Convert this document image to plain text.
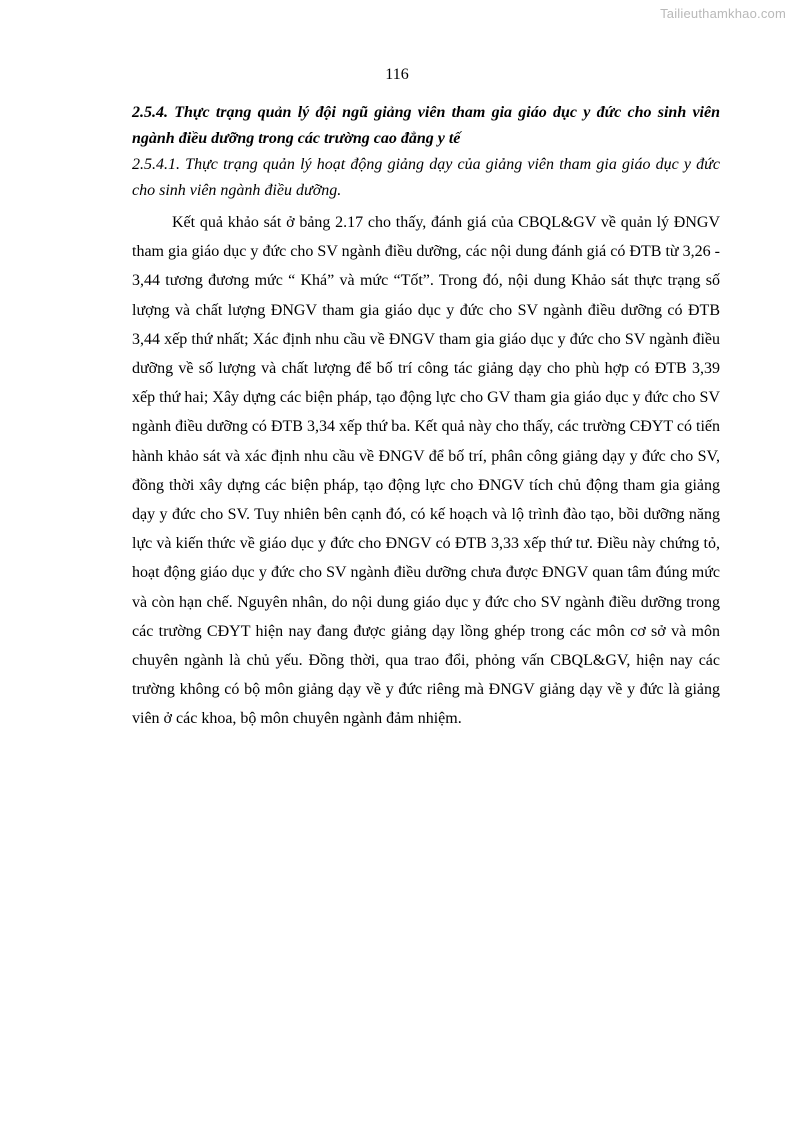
Tailieuthamkhao.com
116

2.5.4. Thực trạng quản lý đội ngũ giảng viên tham gia giáo dục y đức cho sinh viên ngành điều dưỡng trong các trường cao đẳng y tế

2.5.4.1. Thực trạng quản lý hoạt động giảng dạy của giảng viên tham gia giáo dục y đức cho sinh viên ngành điều dưỡng.

Kết quả khảo sát ở bảng 2.17 cho thấy, đánh giá của CBQL&GV về quản lý ĐNGV tham gia giáo dục y đức cho SV ngành điều dưỡng, các nội dung đánh giá có ĐTB từ 3,26 - 3,44 tương đương mức “ Khá” và mức “Tốt”. Trong đó, nội dung Khảo sát thực trạng số lượng và chất lượng ĐNGV tham gia giáo dục y đức cho SV ngành điều dưỡng có ĐTB 3,44 xếp thứ nhất; Xác định nhu cầu về ĐNGV tham gia giáo dục y đức cho SV ngành điều dưỡng về số lượng và chất lượng để bố trí công tác giảng dạy cho phù hợp có ĐTB 3,39 xếp thứ hai; Xây dựng các biện pháp, tạo động lực cho GV tham gia giáo dục y đức cho SV ngành điều dưỡng có ĐTB 3,34 xếp thứ ba. Kết quả này cho thấy, các trường CĐYT có tiến hành khảo sát và xác định nhu cầu về ĐNGV để bố trí, phân công giảng dạy y đức cho SV, đồng thời xây dựng các biện pháp, tạo động lực cho ĐNGV tích chủ động tham gia giảng dạy y đức cho SV. Tuy nhiên bên cạnh đó, có kế hoạch và lộ trình đào tạo, bồi dưỡng năng lực và kiến thức về giáo dục y đức cho ĐNGV có ĐTB 3,33 xếp thứ tư. Điều này chứng tỏ, hoạt động giáo dục y đức cho SV ngành điều dưỡng chưa được ĐNGV quan tâm đúng mức và còn hạn chế. Nguyên nhân, do nội dung giáo dục y đức cho SV ngành điều dưỡng trong các trường CĐYT hiện nay đang được giảng dạy lồng ghép trong các môn cơ sở và môn chuyên ngành là chủ yếu. Đồng thời, qua trao đổi, phỏng vấn CBQL&GV, hiện nay các trường không có bộ môn giảng dạy về y đức riêng mà ĐNGV giảng dạy về y đức là giảng viên ở các khoa, bộ môn chuyên ngành đảm nhiệm.
